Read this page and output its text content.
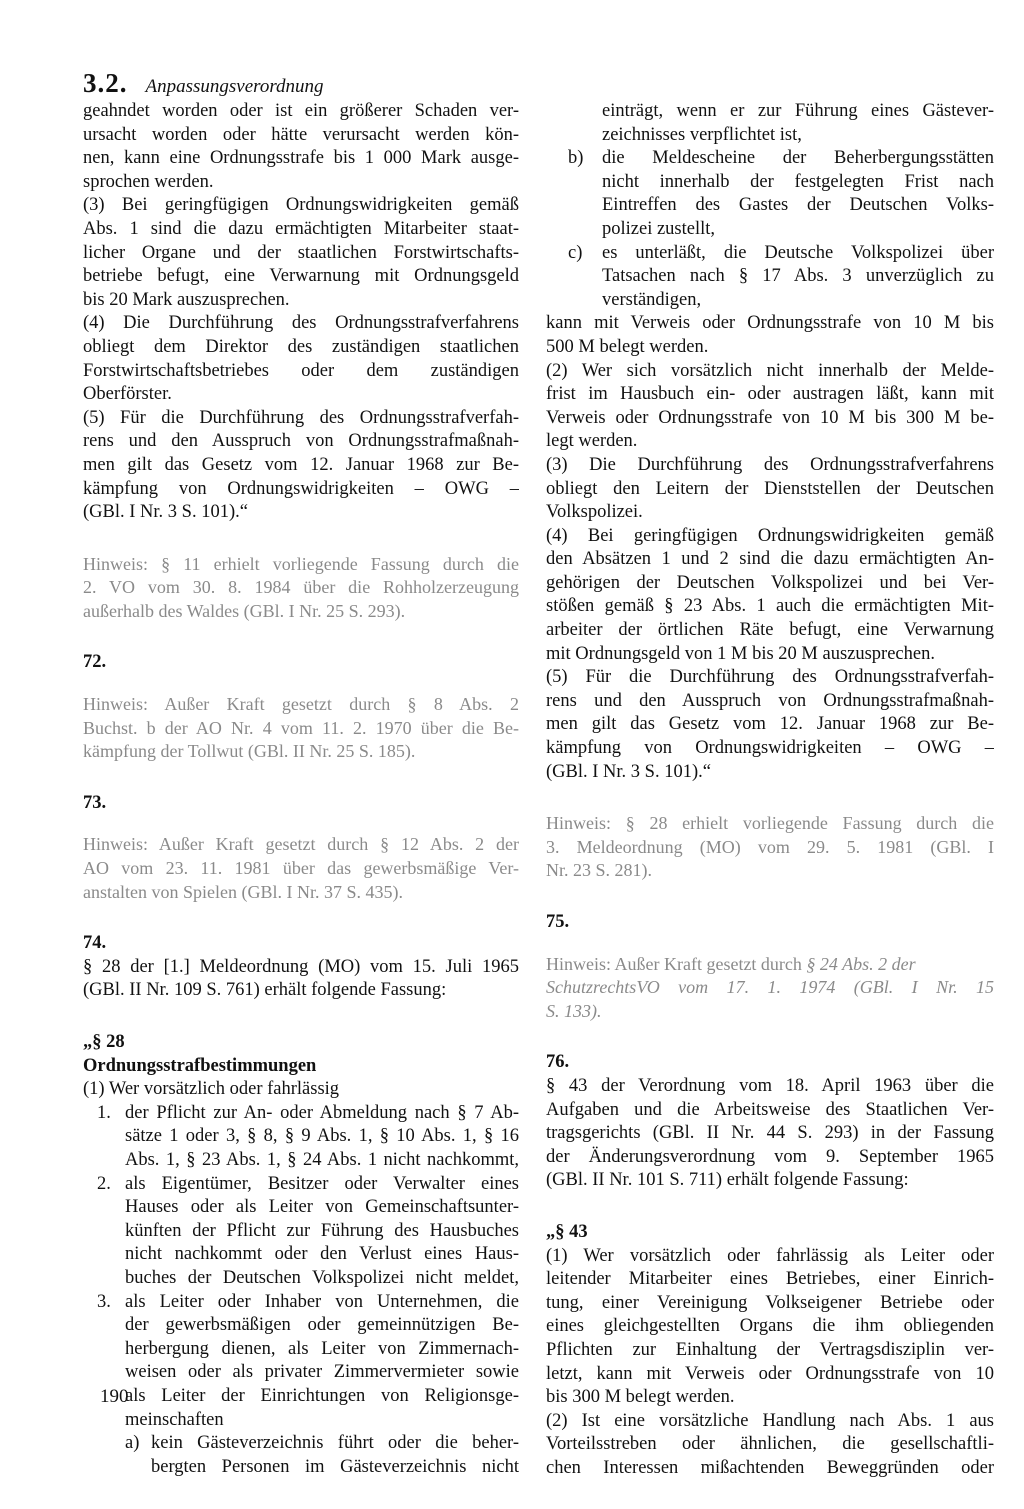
3.2. Anpassungsverordnung
geahndet worden oder ist ein größerer Schaden ver-
ursacht worden oder hätte verursacht werden kön-
nen, kann eine Ordnungsstrafe bis 1 000 Mark ausge-
sprochen werden.
(3) Bei geringfügigen Ordnungswidrigkeiten gemäß
Abs. 1 sind die dazu ermächtigten Mitarbeiter staat-
licher Organe und der staatlichen Forstwirtschafts-
betriebe befugt, eine Verwarnung mit Ordnungsgeld
bis 20 Mark auszusprechen.
(4) Die Durchführung des Ordnungsstrafverfahrens
obliegt dem Direktor des zuständigen staatlichen
Forstwirtschaftsbetriebes oder dem zuständigen
Oberförster.
(5) Für die Durchführung des Ordnungsstrafverfah-
rens und den Ausspruch von Ordnungsstrafmaßnah-
men gilt das Gesetz vom 12. Januar 1968 zur Be-
kämpfung von Ordnungswidrigkeiten – OWG –
(GBl. I Nr. 3 S. 101).“
Hinweis: § 11 erhielt vorliegende Fassung durch die
2. VO vom 30. 8. 1984 über die Rohholzerzeugung
außerhalb des Waldes (GBl. I Nr. 25 S. 293).
72.
Hinweis: Außer Kraft gesetzt durch § 8 Abs. 2
Buchst. b der AO Nr. 4 vom 11. 2. 1970 über die Be-
kämpfung der Tollwut (GBl. II Nr. 25 S. 185).
73.
Hinweis: Außer Kraft gesetzt durch § 12 Abs. 2 der
AO vom 23. 11. 1981 über das gewerbsmäßige Ver-
anstalten von Spielen (GBl. I Nr. 37 S. 435).
74.
§ 28 der [1.] Meldeordnung (MO) vom 15. Juli 1965
(GBl. II Nr. 109 S. 761) erhält folgende Fassung:
„§ 28
Ordnungsstrafbestimmungen
(1) Wer vorsätzlich oder fahrlässig
1. der Pflicht zur An- oder Abmeldung nach § 7 Ab-
sätze 1 oder 3, § 8, § 9 Abs. 1, § 10 Abs. 1, § 16
Abs. 1, § 23 Abs. 1, § 24 Abs. 1 nicht nachkommt,
2. als Eigentümer, Besitzer oder Verwalter eines
Hauses oder als Leiter von Gemeinschaftsunter-
künften der Pflicht zur Führung des Hausbuches
nicht nachkommt oder den Verlust eines Haus-
buches der Deutschen Volkspolizei nicht meldet,
3. als Leiter oder Inhaber von Unternehmen, die
der gewerbsmäßigen oder gemeinnützigen Be-
herbergung dienen, als Leiter von Zimmernach-
weisen oder als privater Zimmervermieter sowie
als Leiter der Einrichtungen von Religionsge-
meinschaften
a) kein Gästeverzeichnis führt oder die beher-
bergten Personen im Gästeverzeichnis nicht
einträgt, wenn er zur Führung eines Gästever-
zeichnisses verpflichtet ist,
b) die Meldescheine der Beherbergungsstätten
nicht innerhalb der festgelegten Frist nach
Eintreffen des Gastes der Deutschen Volks-
polizei zustellt,
c) es unterläßt, die Deutsche Volkspolizei über
Tatsachen nach § 17 Abs. 3 unverzüglich zu
verständigen,
kann mit Verweis oder Ordnungsstrafe von 10 M bis
500 M belegt werden.
(2) Wer sich vorsätzlich nicht innerhalb der Melde-
frist im Hausbuch ein- oder austragen läßt, kann mit
Verweis oder Ordnungsstrafe von 10 M bis 300 M be-
legt werden.
(3) Die Durchführung des Ordnungsstrafverfahrens
obliegt den Leitern der Dienststellen der Deutschen
Volkspolizei.
(4) Bei geringfügigen Ordnungswidrigkeiten gemäß
den Absätzen 1 und 2 sind die dazu ermächtigten An-
gehörigen der Deutschen Volkspolizei und bei Ver-
stößen gemäß § 23 Abs. 1 auch die ermächtigten Mit-
arbeiter der örtlichen Räte befugt, eine Verwarnung
mit Ordnungsgeld von 1 M bis 20 M auszusprechen.
(5) Für die Durchführung des Ordnungsstrafverfah-
rens und den Ausspruch von Ordnungsstrafmaßnah-
men gilt das Gesetz vom 12. Januar 1968 zur Be-
kämpfung von Ordnungswidrigkeiten – OWG –
(GBl. I Nr. 3 S. 101).“
Hinweis: § 28 erhielt vorliegende Fassung durch die
3. Meldeordnung (MO) vom 29. 5. 1981 (GBl. I
Nr. 23 S. 281).
75.
Hinweis: Außer Kraft gesetzt durch § 24 Abs. 2 der
SchutzrechtsVO vom 17. 1. 1974 (GBl. I Nr. 15
S. 133).
76.
§ 43 der Verordnung vom 18. April 1963 über die
Aufgaben und die Arbeitsweise des Staatlichen Ver-
tragsgerichts (GBl. II Nr. 44 S. 293) in der Fassung
der Änderungsverordnung vom 9. September 1965
(GBl. II Nr. 101 S. 711) erhält folgende Fassung:
„§ 43
(1) Wer vorsätzlich oder fahrlässig als Leiter oder
leitender Mitarbeiter eines Betriebes, einer Einrich-
tung, einer Vereinigung Volkseigener Betriebe oder
eines gleichgestellten Organs die ihm obliegenden
Pflichten zur Einhaltung der Vertragsdisziplin ver-
letzt, kann mit Verweis oder Ordnungsstrafe von 10
bis 300 M belegt werden.
(2) Ist eine vorsätzliche Handlung nach Abs. 1 aus
Vorteilsstreben oder ähnlichen, die gesellschaftli-
chen Interessen mißachtenden Beweggründen oder
190
